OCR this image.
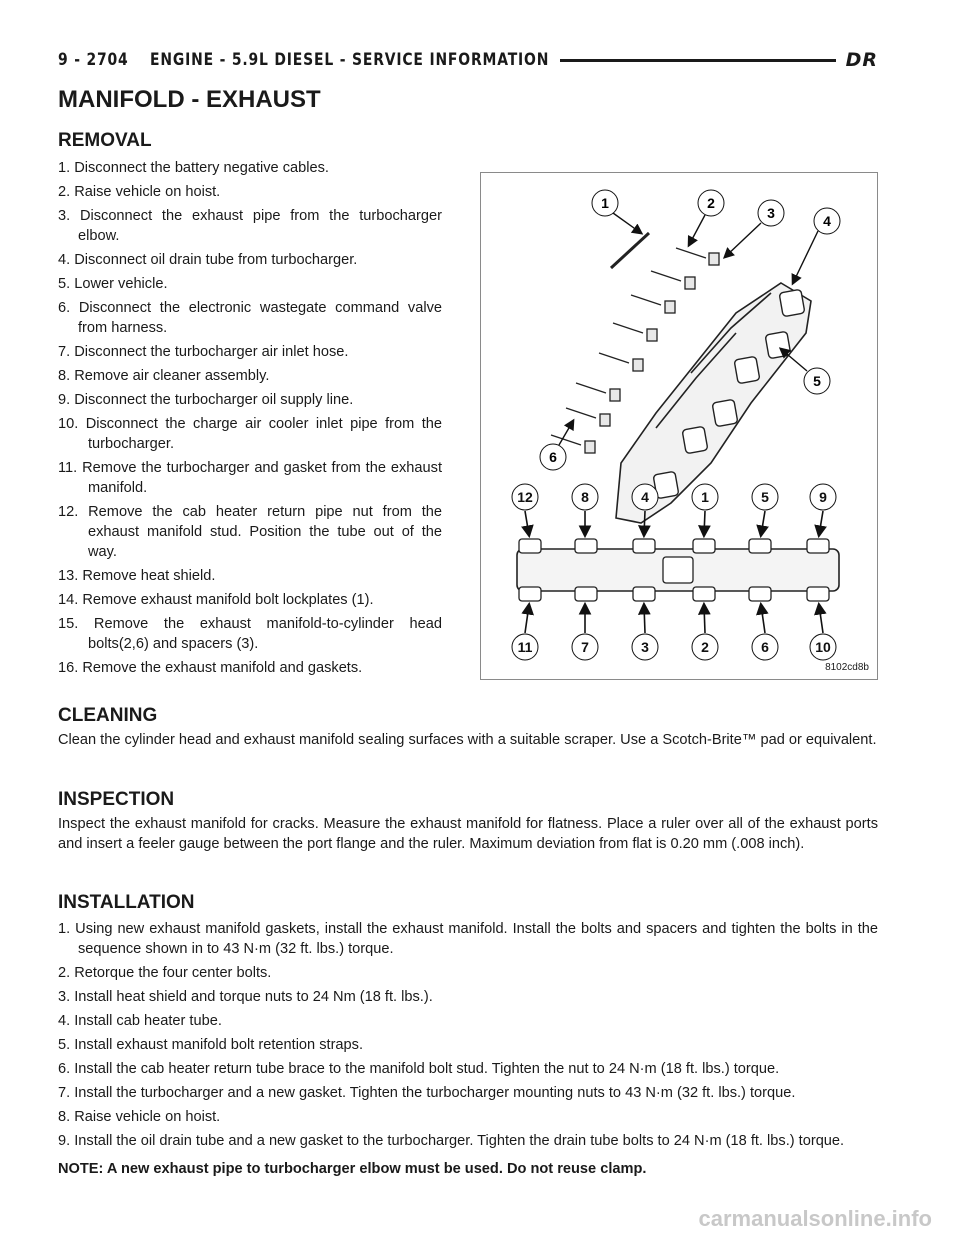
9 - 2704	ENGINE - 5.9L DIESEL - SERVICE INFORMATION	DR
MANIFOLD - EXHAUST
REMOVAL
1. Disconnect the battery negative cables.
2. Raise vehicle on hoist.
3. Disconnect the exhaust pipe from the turbocharger elbow.
4. Disconnect oil drain tube from turbocharger.
5. Lower vehicle.
6. Disconnect the electronic wastegate command valve from harness.
7. Disconnect the turbocharger air inlet hose.
8. Remove air cleaner assembly.
9. Disconnect the turbocharger oil supply line.
10. Disconnect the charge air cooler inlet pipe from the turbocharger.
11. Remove the turbocharger and gasket from the exhaust manifold.
12. Remove the cab heater return pipe nut from the exhaust manifold stud. Position the tube out of the way.
13. Remove heat shield.
14. Remove exhaust manifold bolt lockplates (1).
15. Remove the exhaust manifold-to-cylinder head bolts(2,6) and spacers (3).
16. Remove the exhaust manifold and gaskets.
1	2
3	4
5
6
12	8	4	1	5	9
11	7	3	2	6	10
8102cd8b
CLEANING

Clean the cylinder head and exhaust manifold sealing surfaces with a suitable scraper. Use a Scotch-Brite™ pad or equivalent.

INSPECTION

Inspect the exhaust manifold for cracks. Measure the exhaust manifold for flatness. Place a ruler over all of the exhaust ports and insert a feeler gauge between the port flange and the ruler. Maximum deviation from flat is 0.20 mm (.008 inch).

INSTALLATION
1. Using new exhaust manifold gaskets, install the exhaust manifold. Install the bolts and spacers and tighten the bolts in the sequence shown in to 43 N·m (32 ft. lbs.) torque.
2. Retorque the four center bolts.
3. Install heat shield and torque nuts to 24 Nm (18 ft. lbs.).
4. Install cab heater tube.
5. Install exhaust manifold bolt retention straps.
6. Install the cab heater return tube brace to the manifold bolt stud. Tighten the nut to 24 N·m (18 ft. lbs.) torque.
7. Install the turbocharger and a new gasket. Tighten the turbocharger mounting nuts to 43 N·m (32 ft. lbs.) torque.
8. Raise vehicle on hoist.
9. Install the oil drain tube and a new gasket to the turbocharger. Tighten the drain tube bolts to 24 N·m (18 ft. lbs.) torque.
NOTE: A new exhaust pipe to turbocharger elbow must be used. Do not reuse clamp.
carmanualsonline.info
